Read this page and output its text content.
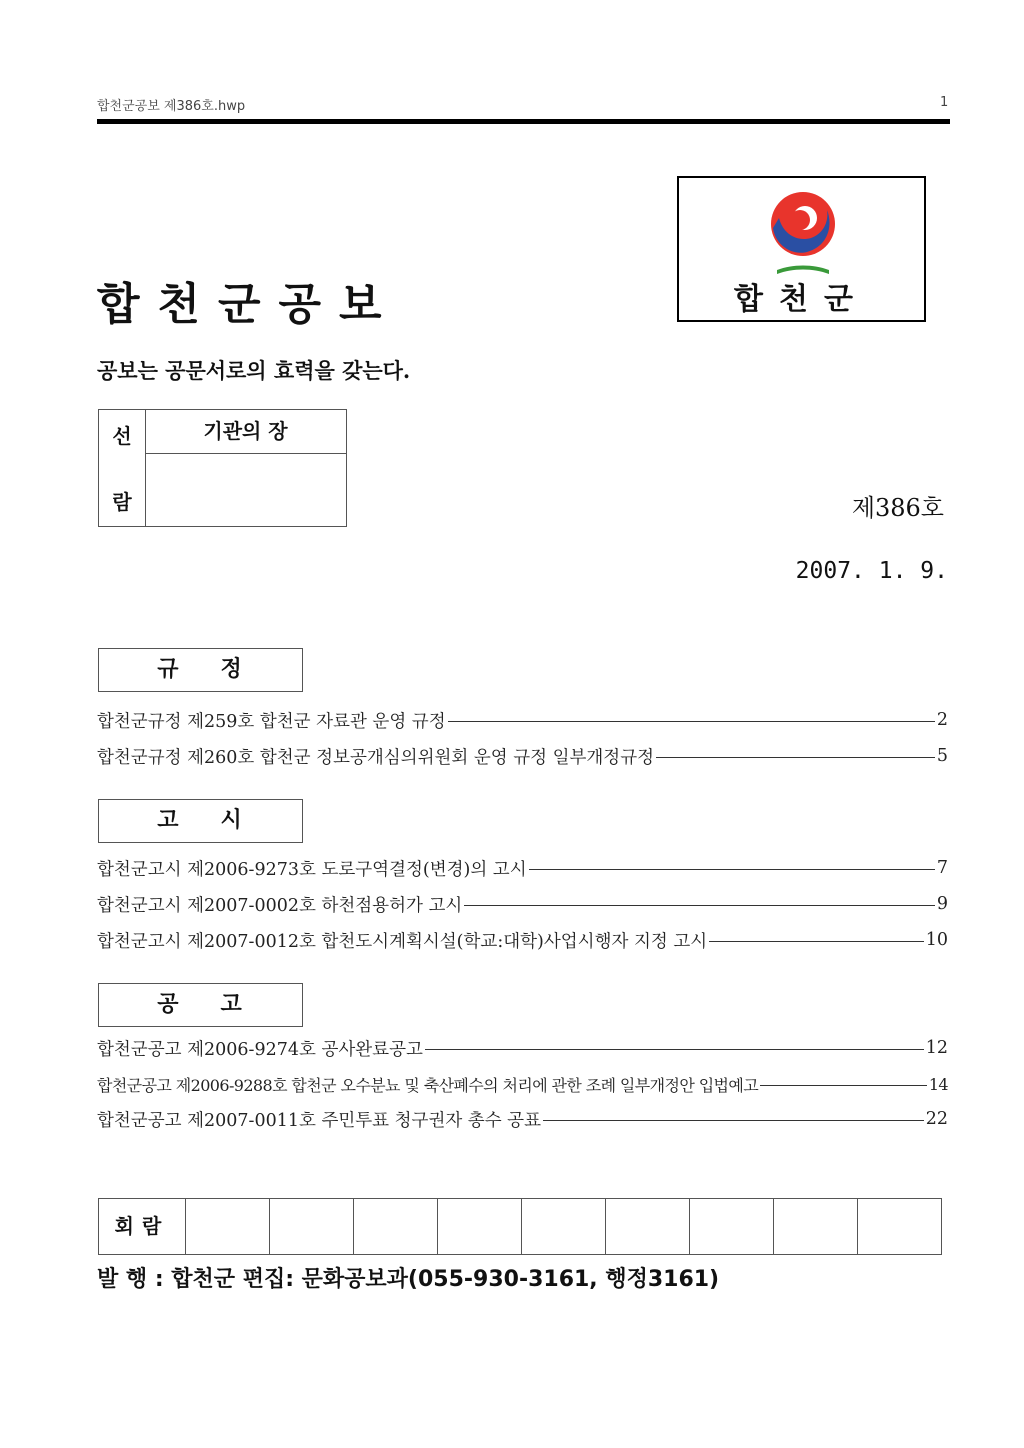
합천군공보 제386호.hwp	1
합천군공보
공보는 공문서로의 효력을 갖는다.
합천군
선
람
기관의 장
제386호
2007. 1. 9.
규 정
합천군규정 제259호 합천군 자료관 운영 규정	2
합천군규정 제260호 합천군 정보공개심의위원회 운영 규정 일부개정규정	5
고 시
합천군고시 제2006-9273호 도로구역결정(변경)의 고시	7
합천군고시 제2007-0002호 하천점용허가 고시	9
합천군고시 제2007-0012호 합천도시계획시설(학교:대학)사업시행자 지정 고시	10
공 고
합천군공고 제2006-9274호 공사완료공고	12
합천군공고 제2006-9288호 합천군 오수분뇨 및 축산폐수의 처리에 관한 조례 일부개정안 입법예고	14
합천군공고 제2007-0011호 주민투표 청구권자 총수 공표	22
회람
발 행 : 합천군 편집: 문화공보과(055-930-3161, 행정3161)
